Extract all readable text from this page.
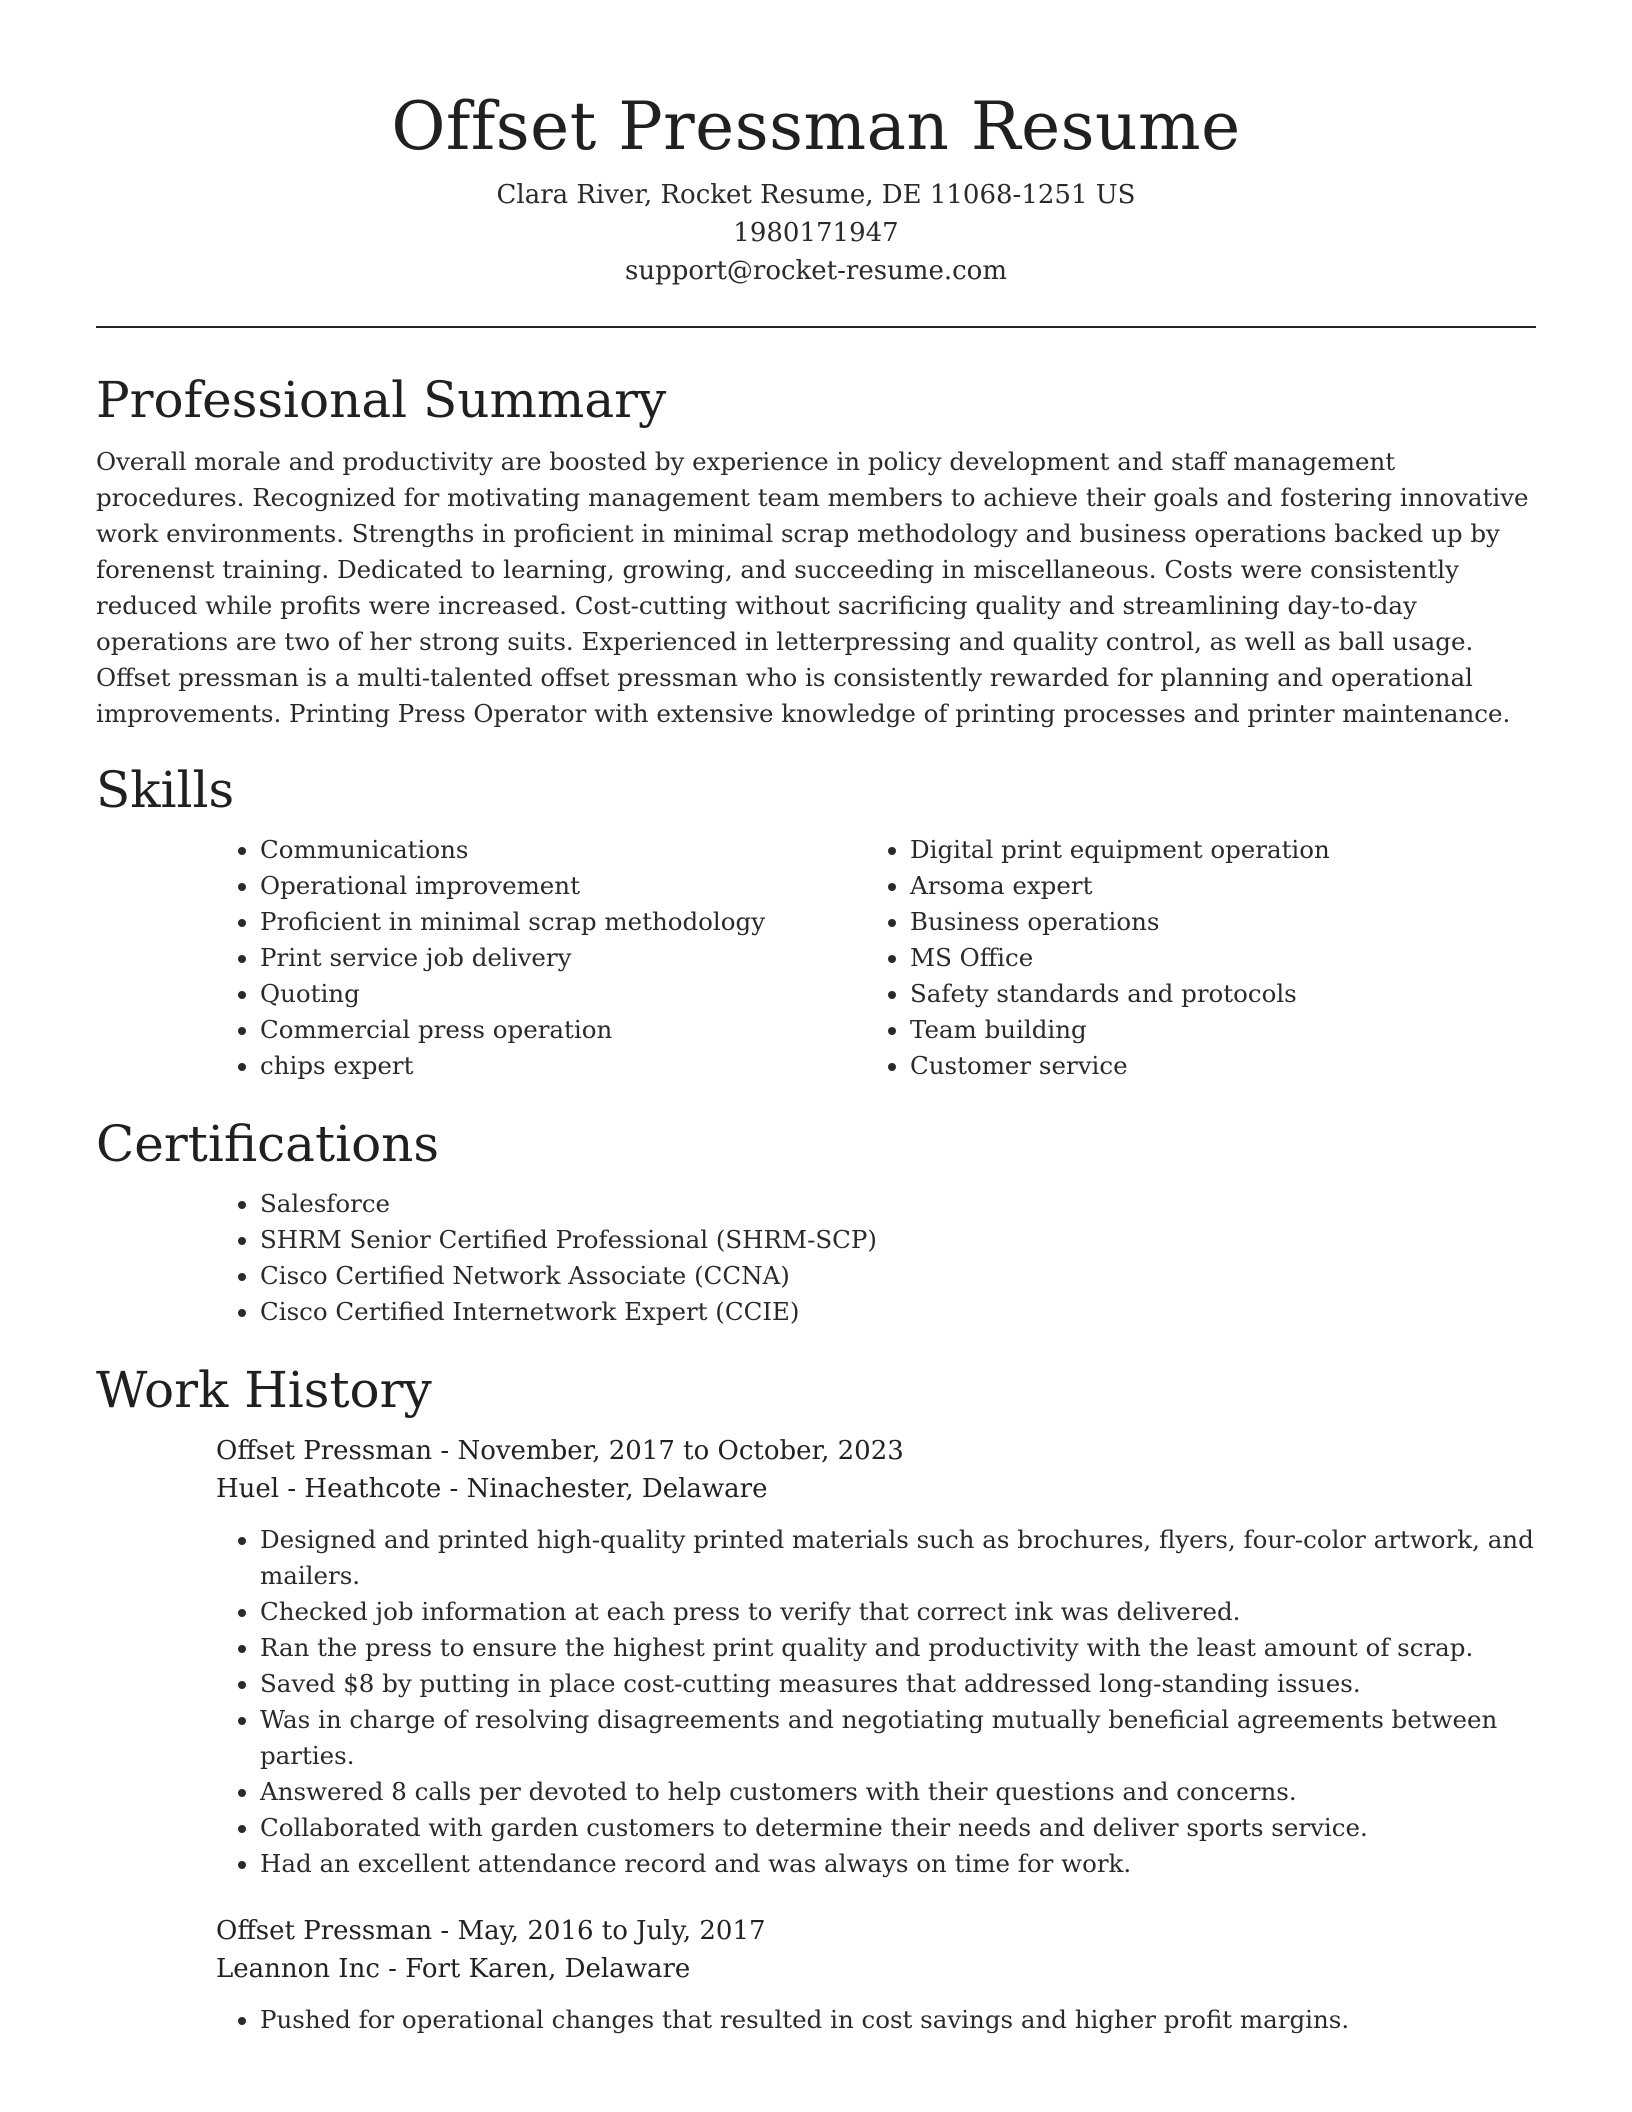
Offset Pressman Resume
Clara River, Rocket Resume, DE 11068-1251 US
1980171947
support@rocket-resume.com
Professional Summary

Overall morale and productivity are boosted by experience in policy development and staff management procedures. Recognized for motivating management team members to achieve their goals and fostering innovative work environments. Strengths in proficient in minimal scrap methodology and business operations backed up by forenenst training. Dedicated to learning, growing, and succeeding in miscellaneous. Costs were consistently reduced while profits were increased. Cost-cutting without sacrificing quality and streamlining day-to-day operations are two of her strong suits. Experienced in letterpressing and quality control, as well as ball usage. Offset pressman is a multi-talented offset pressman who is consistently rewarded for planning and operational improvements. Printing Press Operator with extensive knowledge of printing processes and printer maintenance.

Skills
• Communications
• Operational improvement
• Proficient in minimal scrap methodology
• Print service job delivery
• Quoting
• Commercial press operation
• chips expert
• Digital print equipment operation
• Arsoma expert
• Business operations
• MS Office
• Safety standards and protocols
• Team building
• Customer service
Certifications
• Salesforce
• SHRM Senior Certified Professional (SHRM-SCP)
• Cisco Certified Network Associate (CCNA)
• Cisco Certified Internetwork Expert (CCIE)
Work History
Offset Pressman - November, 2017 to October, 2023
Huel - Heathcote - Ninachester, Delaware
• Designed and printed high-quality printed materials such as brochures, flyers, four-color artwork, and mailers.
• Checked job information at each press to verify that correct ink was delivered.
• Ran the press to ensure the highest print quality and productivity with the least amount of scrap.
• Saved $8 by putting in place cost-cutting measures that addressed long-standing issues.
• Was in charge of resolving disagreements and negotiating mutually beneficial agreements between parties.
• Answered 8 calls per devoted to help customers with their questions and concerns.
• Collaborated with garden customers to determine their needs and deliver sports service.
• Had an excellent attendance record and was always on time for work.
Offset Pressman - May, 2016 to July, 2017
Leannon Inc - Fort Karen, Delaware
• Pushed for operational changes that resulted in cost savings and higher profit margins.
